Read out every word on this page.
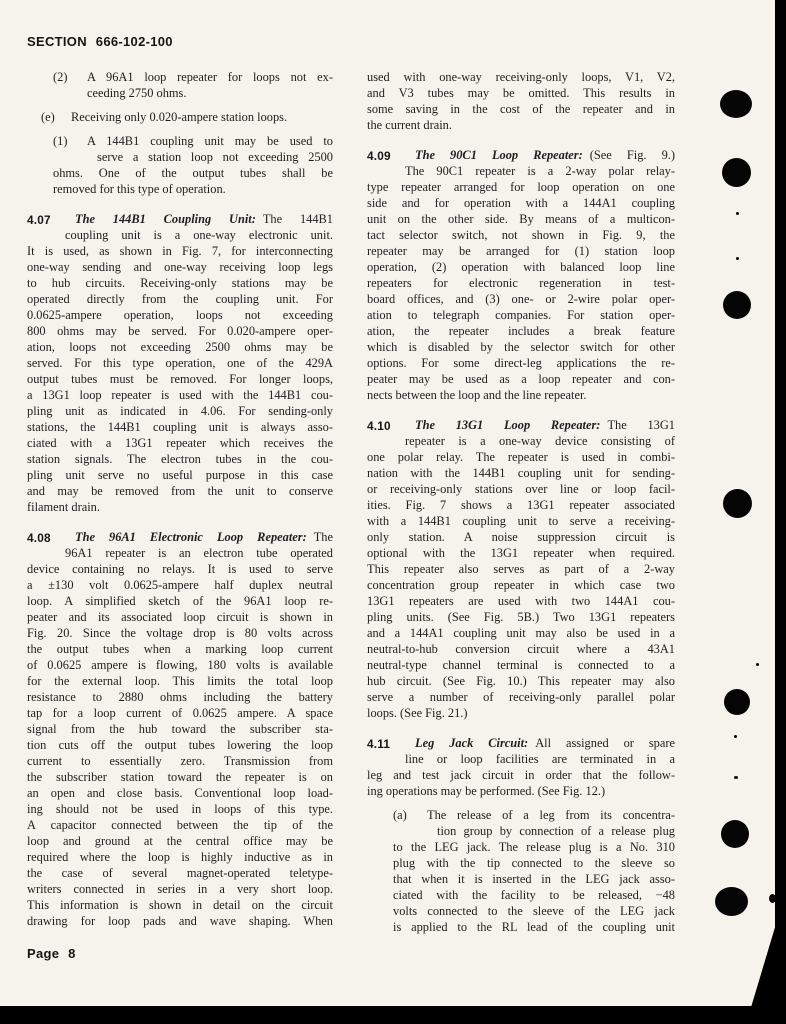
SECTION 666-102-100
(2) A 96A1 loop repeater for loops not ex-
ceeding 2750 ohms.
(e) Receiving only 0.020-ampere station loops.
(1) A 144B1 coupling unit may be used to
serve a station loop not exceeding 2500
ohms. One of the output tubes shall be
removed for this type of operation.
4.07 The 144B1 Coupling Unit: The 144B1
coupling unit is a one-way electronic unit.
It is used, as shown in Fig. 7, for interconnecting
one-way sending and one-way receiving loop legs
to hub circuits. Receiving-only stations may be
operated directly from the coupling unit. For
0.0625-ampere operation, loops not exceeding
800 ohms may be served. For 0.020-ampere oper-
ation, loops not exceeding 2500 ohms may be
served. For this type operation, one of the 429A
output tubes must be removed. For longer loops,
a 13G1 loop repeater is used with the 144B1 cou-
pling unit as indicated in 4.06. For sending-only
stations, the 144B1 coupling unit is always asso-
ciated with a 13G1 repeater which receives the
station signals. The electron tubes in the cou-
pling unit serve no useful purpose in this case
and may be removed from the unit to conserve
filament drain.
4.08 The 96A1 Electronic Loop Repeater: The
96A1 repeater is an electron tube operated
device containing no relays. It is used to serve
a ±130 volt 0.0625-ampere half duplex neutral
loop. A simplified sketch of the 96A1 loop re-
peater and its associated loop circuit is shown in
Fig. 20. Since the voltage drop is 80 volts across
the output tubes when a marking loop current
of 0.0625 ampere is flowing, 180 volts is available
for the external loop. This limits the total loop
resistance to 2880 ohms including the battery
tap for a loop current of 0.0625 ampere. A space
signal from the hub toward the subscriber sta-
tion cuts off the output tubes lowering the loop
current to essentially zero. Transmission from
the subscriber station toward the repeater is on
an open and close basis. Conventional loop load-
ing should not be used in loops of this type.
A capacitor connected between the tip of the
loop and ground at the central office may be
required where the loop is highly inductive as in
the case of several magnet-operated teletype-
writers connected in series in a very short loop.
This information is shown in detail on the circuit
drawing for loop pads and wave shaping. When
used with one-way receiving-only loops, V1, V2,
and V3 tubes may be omitted. This results in
some saving in the cost of the repeater and in
the current drain.
4.09 The 90C1 Loop Repeater: (See Fig. 9.)
The 90C1 repeater is a 2-way polar relay-
type repeater arranged for loop operation on one
side and for operation with a 144A1 coupling
unit on the other side. By means of a multicon-
tact selector switch, not shown in Fig. 9, the
repeater may be arranged for (1) station loop
operation, (2) operation with balanced loop line
repeaters for electronic regeneration in test-
board offices, and (3) one- or 2-wire polar oper-
ation to telegraph companies. For station oper-
ation, the repeater includes a break feature
which is disabled by the selector switch for other
options. For some direct-leg applications the re-
peater may be used as a loop repeater and con-
nects between the loop and the line repeater.
4.10 The 13G1 Loop Repeater: The 13G1
repeater is a one-way device consisting of
one polar relay. The repeater is used in combi-
nation with the 144B1 coupling unit for sending-
or receiving-only stations over line or loop facil-
ities. Fig. 7 shows a 13G1 repeater associated
with a 144B1 coupling unit to serve a receiving-
only station. A noise suppression circuit is
optional with the 13G1 repeater when required.
This repeater also serves as part of a 2-way
concentration group repeater in which case two
13G1 repeaters are used with two 144A1 cou-
pling units. (See Fig. 5B.) Two 13G1 repeaters
and a 144A1 coupling unit may also be used in a
neutral-to-hub conversion circuit where a 43A1
neutral-type channel terminal is connected to a
hub circuit. (See Fig. 10.) This repeater may also
serve a number of receiving-only parallel polar
loops. (See Fig. 21.)
4.11 Leg Jack Circuit: All assigned or spare
line or loop facilities are terminated in a
leg and test jack circuit in order that the follow-
ing operations may be performed. (See Fig. 12.)
(a) The release of a leg from its concentra-
tion group by connection of a release plug
to the LEG jack. The release plug is a No. 310
plug with the tip connected to the sleeve so
that when it is inserted in the LEG jack asso-
ciated with the facility to be released, −48
volts connected to the sleeve of the LEG jack
is applied to the RL lead of the coupling unit
Page 8
